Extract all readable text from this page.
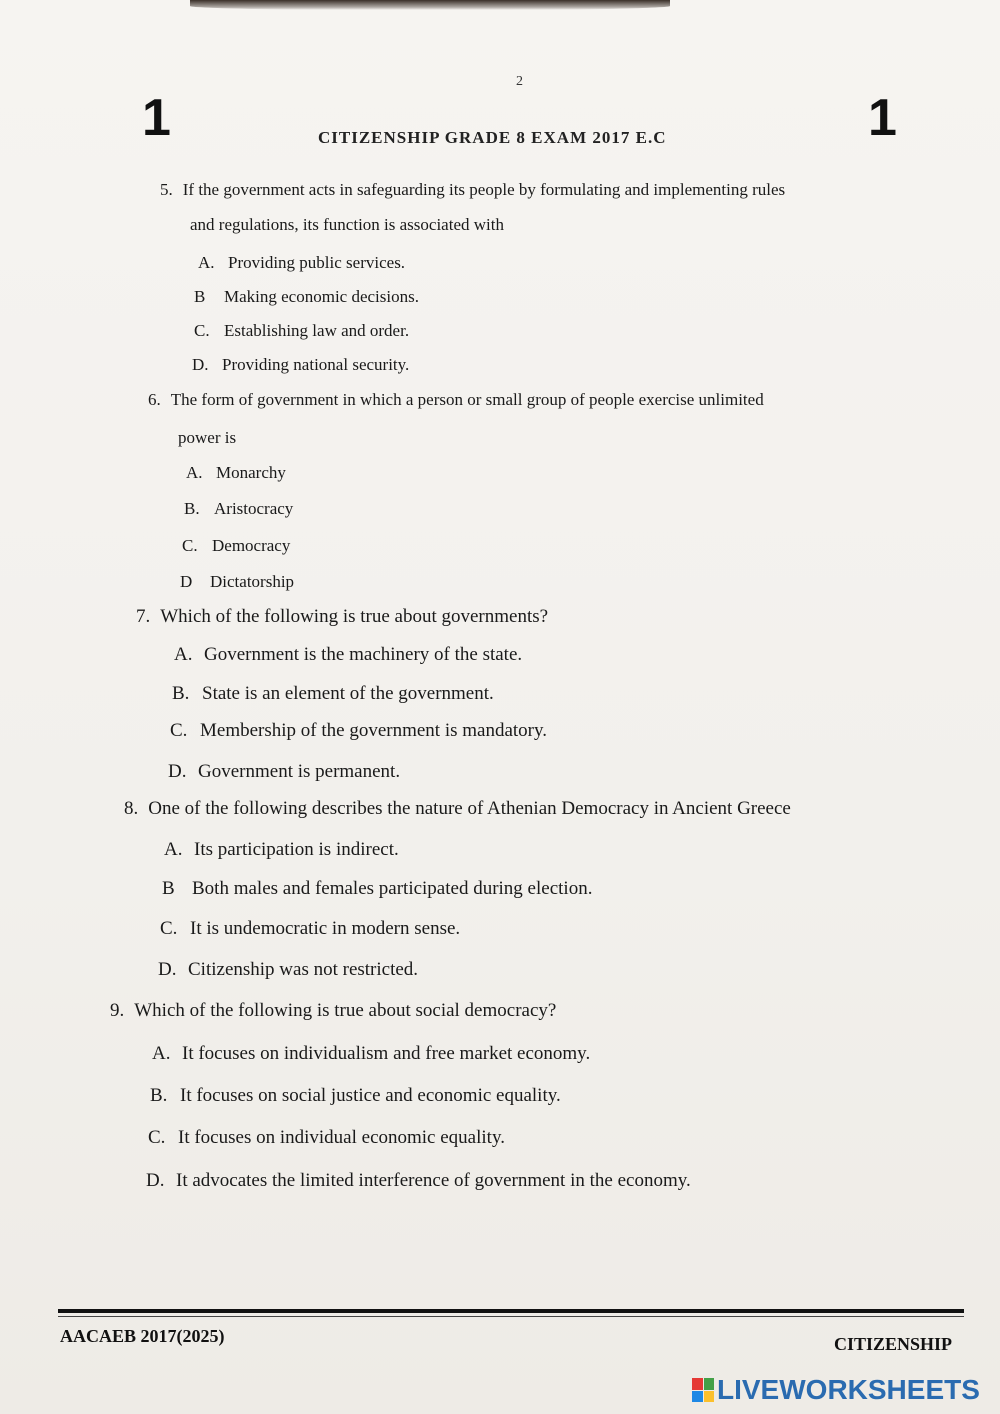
2
1	1
CITIZENSHIP GRADE 8 EXAM 2017 E.C
5. If the government acts in safeguarding its people by formulating and implementing rules
and regulations, its function is associated with
A. Providing public services.
B Making economic decisions.
C. Establishing law and order.
D. Providing national security.
6. The form of government in which a person or small group of people exercise unlimited
power is
A. Monarchy
B. Aristocracy
C. Democracy
D Dictatorship
7. Which of the following is true about governments?
A. Government is the machinery of the state.
B. State is an element of the government.
C. Membership of the government is mandatory.
D. Government is permanent.
8. One of the following describes the nature of Athenian Democracy in Ancient Greece
A. Its participation is indirect.
B Both males and females participated during election.
C. It is undemocratic in modern sense.
D. Citizenship was not restricted.
9. Which of the following is true about social democracy?
A. It focuses on individualism and free market economy.
B. It focuses on social justice and economic equality.
C. It focuses on individual economic equality.
D. It advocates the limited interference of government in the economy.
AACAEB 2017(2025)	CITIZENSHIP
LIVEWORKSHEETS
